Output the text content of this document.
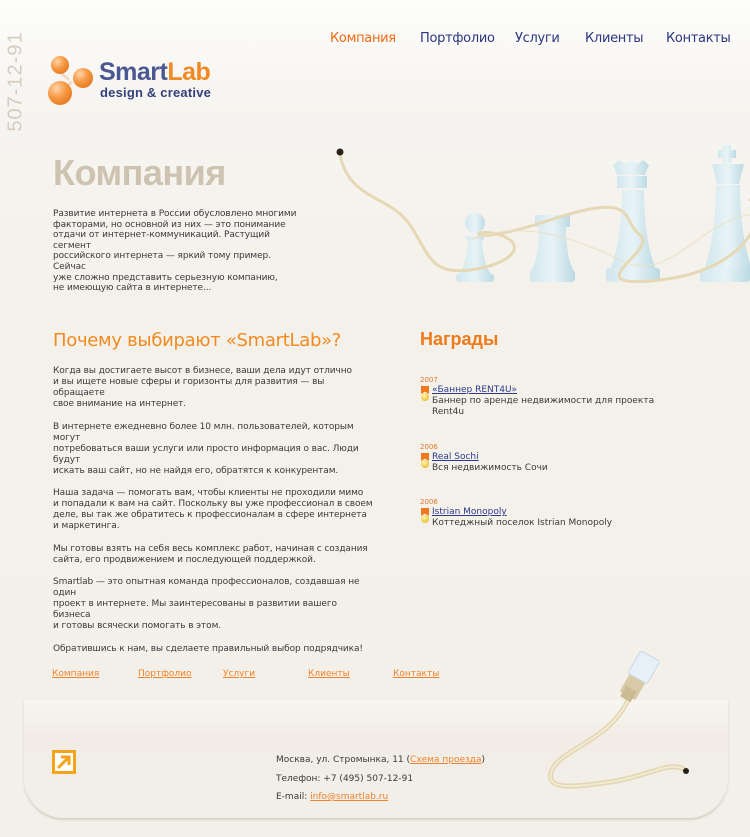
507-12-91	SmartLab
design & creative
Компания Портфолио Услуги Клиенты Контакты
Компания
Развитие интернета в России обусловлено многими
факторами, но основной из них — это понимание
отдачи от интернет-коммуникаций. Растущий сегмент
российского интернета — яркий тому пример. Сейчас
уже сложно представить серьезную компанию,
не имеющую сайта в интернете...
Почему выбирают «SmartLab»?

Когда вы достигаете высот в бизнесе, ваши дела идут отлично
и вы ищете новые сферы и горизонты для развития — вы обращаете
свое внимание на интернет.

В интернете ежедневно более 10 млн. пользователей, которым могут
потребоваться ваши услуги или просто информация о вас. Люди будут
искать ваш сайт, но не найдя его, обратятся к конкурентам.

Наша задача — помогать вам, чтобы клиенты не проходили мимо
и попадали к вам на сайт. Поскольку вы уже профессионал в своем
деле, вы так же обратитесь к профессионалам в сфере интернета
и маркетинга.

Мы готовы взять на себя весь комплекс работ, начиная с создания
сайта, его продвижением и последующей поддержкой.

Smartlab — это опытная команда профессионалов, создавшая не один
проект в интернете. Мы заинтересованы в развитии вашего бизнеса
и готовы всячески помогать в этом.

Обратившись к нам, вы сделаете правильный выбор подрядчика!

Награды
2007
«Баннер RENT4U»
Баннер по аренде недвижимости для проекта
Rent4u
2006
Real Sochi
Вся недвижимость Сочи
2006
Istrian Monopoly
Коттеджный поселок Istrian Monopoly
Компания	Портфолио	Услуги	Клиенты	Контакты
Москва, ул. Стромынка, 11 (Схема проезда)
Телефон: +7 (495) 507-12-91
E-mail: info@smartlab.ru
